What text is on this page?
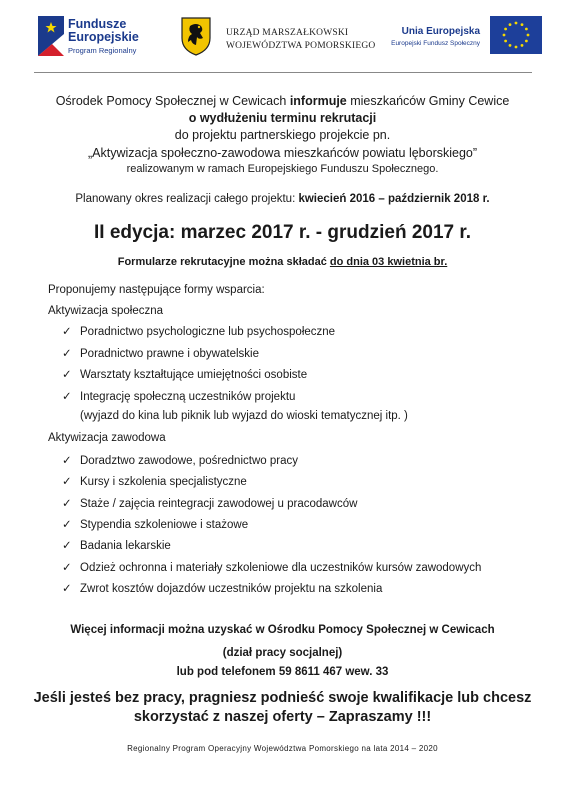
Fundusze
Europejskie
Program Regionalny
URZĄD MARSZAŁKOWSKI
WOJEWÓDZTWA POMORSKIEGO
Unia Europejska
Europejski Fundusz Społeczny
Ośrodek Pomocy Społecznej w Cewicach informuje mieszkańców Gminy Cewice
o wydłużeniu terminu rekrutacji
do projektu partnerskiego projekcie pn.
„Aktywizacja społeczno-zawodowa mieszkańców powiatu lęborskiego”
realizowanym w ramach Europejskiego Funduszu Społecznego.
Planowany okres realizacji całego projektu: kwiecień 2016 – październik 2018 r.
II edycja: marzec 2017 r. - grudzień 2017 r.
Formularze rekrutacyjne można składać do dnia 03 kwietnia br.
Proponujemy następujące formy wsparcia:
Aktywizacja społeczna
✓ Poradnictwo psychologiczne lub psychospołeczne
✓ Poradnictwo prawne i obywatelskie
✓ Warsztaty kształtujące umiejętności osobiste
✓ Integrację społeczną uczestników projektu
(wyjazd do kina lub piknik lub wyjazd do wioski tematycznej itp. )
Aktywizacja zawodowa
✓ Doradztwo zawodowe, pośrednictwo pracy
✓ Kursy i szkolenia specjalistyczne
✓ Staże / zajęcia reintegracji zawodowej u pracodawców
✓ Stypendia szkoleniowe i stażowe
✓ Badania lekarskie
✓ Odzież ochronna i materiały szkoleniowe dla uczestników kursów zawodowych
✓ Zwrot kosztów dojazdów uczestników projektu na szkolenia
Więcej informacji można uzyskać w Ośrodku Pomocy Społecznej w Cewicach
(dział pracy socjalnej)
lub pod telefonem 59 8611 467 wew. 33
Jeśli jesteś bez pracy, pragniesz podnieść swoje kwalifikacje lub chcesz
skorzystać z naszej oferty – Zapraszamy !!!
Regionalny Program Operacyjny Województwa Pomorskiego na lata 2014 – 2020
